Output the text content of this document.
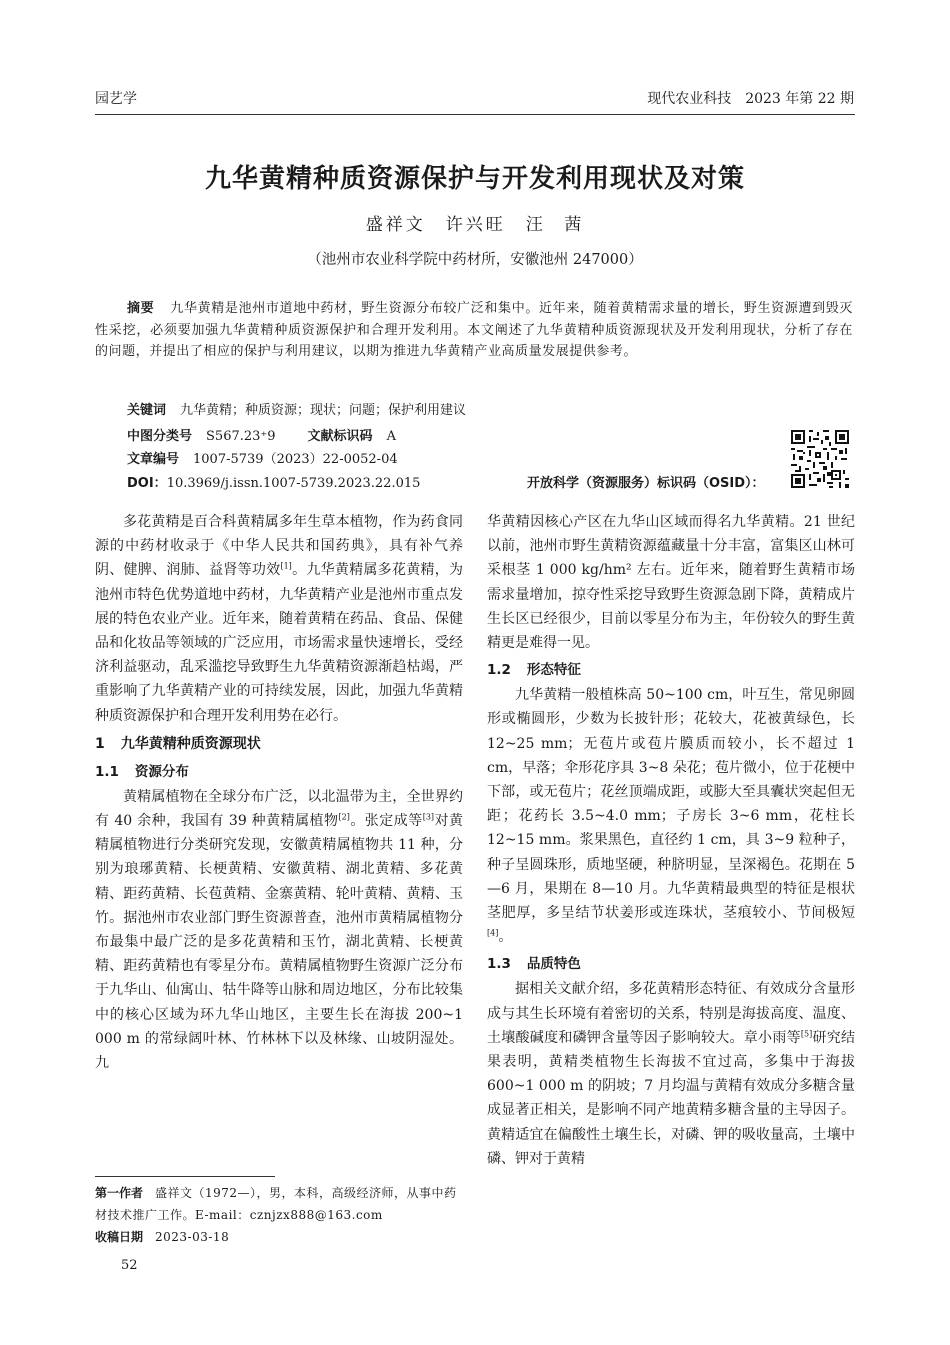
园艺学	现代农业科技　2023 年第 22 期
九华黄精种质资源保护与开发利用现状及对策
盛祥文　许兴旺　汪 茜
（池州市农业科学院中药材所，安徽池州 247000）
摘要 九华黄精是池州市道地中药材，野生资源分布较广泛和集中。近年来，随着黄精需求量的增长，野生资源遭到毁灭性采挖，必须要加强九华黄精种质资源保护和合理开发利用。本文阐述了九华黄精种质资源现状及开发利用现状，分析了存在的问题，并提出了相应的保护与利用建议，以期为推进九华黄精产业高质量发展提供参考。
关键词 九华黄精；种质资源；现状；问题；保护利用建议
中图分类号 S567.23⁺9 文献标识码 A
文章编号 1007-5739（2023）22-0052-04
DOI：10.3969/j.issn.1007-5739.2023.22.015	开放科学（资源服务）标识码（OSID）：

多花黄精是百合科黄精属多年生草本植物，作为药食同源的中药材收录于《中华人民共和国药典》，具有补气养阴、健脾、润肺、益肾等功效[1]。九华黄精属多花黄精，为池州市特色优势道地中药材，九华黄精产业是池州市重点发展的特色农业产业。近年来，随着黄精在药品、食品、保健品和化妆品等领域的广泛应用，市场需求量快速增长，受经济利益驱动，乱采滥挖导致野生九华黄精资源渐趋枯竭，严重影响了九华黄精产业的可持续发展，因此，加强九华黄精种质资源保护和合理开发利用势在必行。

1 九华黄精种质资源现状
1.1 资源分布

黄精属植物在全球分布广泛，以北温带为主，全世界约有 40 余种，我国有 39 种黄精属植物[2]。张定成等[3]对黄精属植物进行分类研究发现，安徽黄精属植物共 11 种，分别为琅琊黄精、长梗黄精、安徽黄精、湖北黄精、多花黄精、距药黄精、长苞黄精、金寨黄精、轮叶黄精、黄精、玉竹。据池州市农业部门野生资源普查，池州市黄精属植物分布最集中最广泛的是多花黄精和玉竹，湖北黄精、长梗黄精、距药黄精也有零星分布。黄精属植物野生资源广泛分布于九华山、仙寓山、牯牛降等山脉和周边地区，分布比较集中的核心区域为环九华山地区，主要生长在海拔 200~1 000 m 的常绿阔叶林、竹林林下以及林缘、山坡阴湿处。九

华黄精因核心产区在九华山区域而得名九华黄精。21 世纪以前，池州市野生黄精资源蕴藏量十分丰富，富集区山林可采根茎 1 000 kg/hm² 左右。近年来，随着野生黄精市场需求量增加，掠夺性采挖导致野生资源急剧下降，黄精成片生长区已经很少，目前以零星分布为主，年份较久的野生黄精更是难得一见。

1.2 形态特征

九华黄精一般植株高 50~100 cm，叶互生，常见卵圆形或椭圆形，少数为长披针形；花较大，花被黄绿色，长 12~25 mm；无苞片或苞片膜质而较小，长不超过 1 cm，早落；伞形花序具 3~8 朵花；苞片微小，位于花梗中下部，或无苞片；花丝顶端成距，或膨大至具囊状突起但无距；花药长 3.5~4.0 mm；子房长 3~6 mm，花柱长 12~15 mm。浆果黑色，直径约 1 cm，具 3~9 粒种子，种子呈圆珠形，质地坚硬，种脐明显，呈深褐色。花期在 5—6 月，果期在 8—10 月。九华黄精最典型的特征是根状茎肥厚，多呈结节状姜形或连珠状，茎痕较小、节间极短[4]。

1.3 品质特色

据相关文献介绍，多花黄精形态特征、有效成分含量形成与其生长环境有着密切的关系，特别是海拔高度、温度、土壤酸碱度和磷钾含量等因子影响较大。章小雨等[5]研究结果表明，黄精类植物生长海拔不宜过高，多集中于海拔 600~1 000 m 的阴坡；7 月均温与黄精有效成分多糖含量成显著正相关，是影响不同产地黄精多糖含量的主导因子。黄精适宜在偏酸性土壤生长，对磷、钾的吸收量高，土壤中磷、钾对于黄精

第一作者 盛祥文（1972—），男，本科，高级经济师，从事中药材技术推广工作。E-mail：cznjzx888@163.com
收稿日期 2023-03-18
52
